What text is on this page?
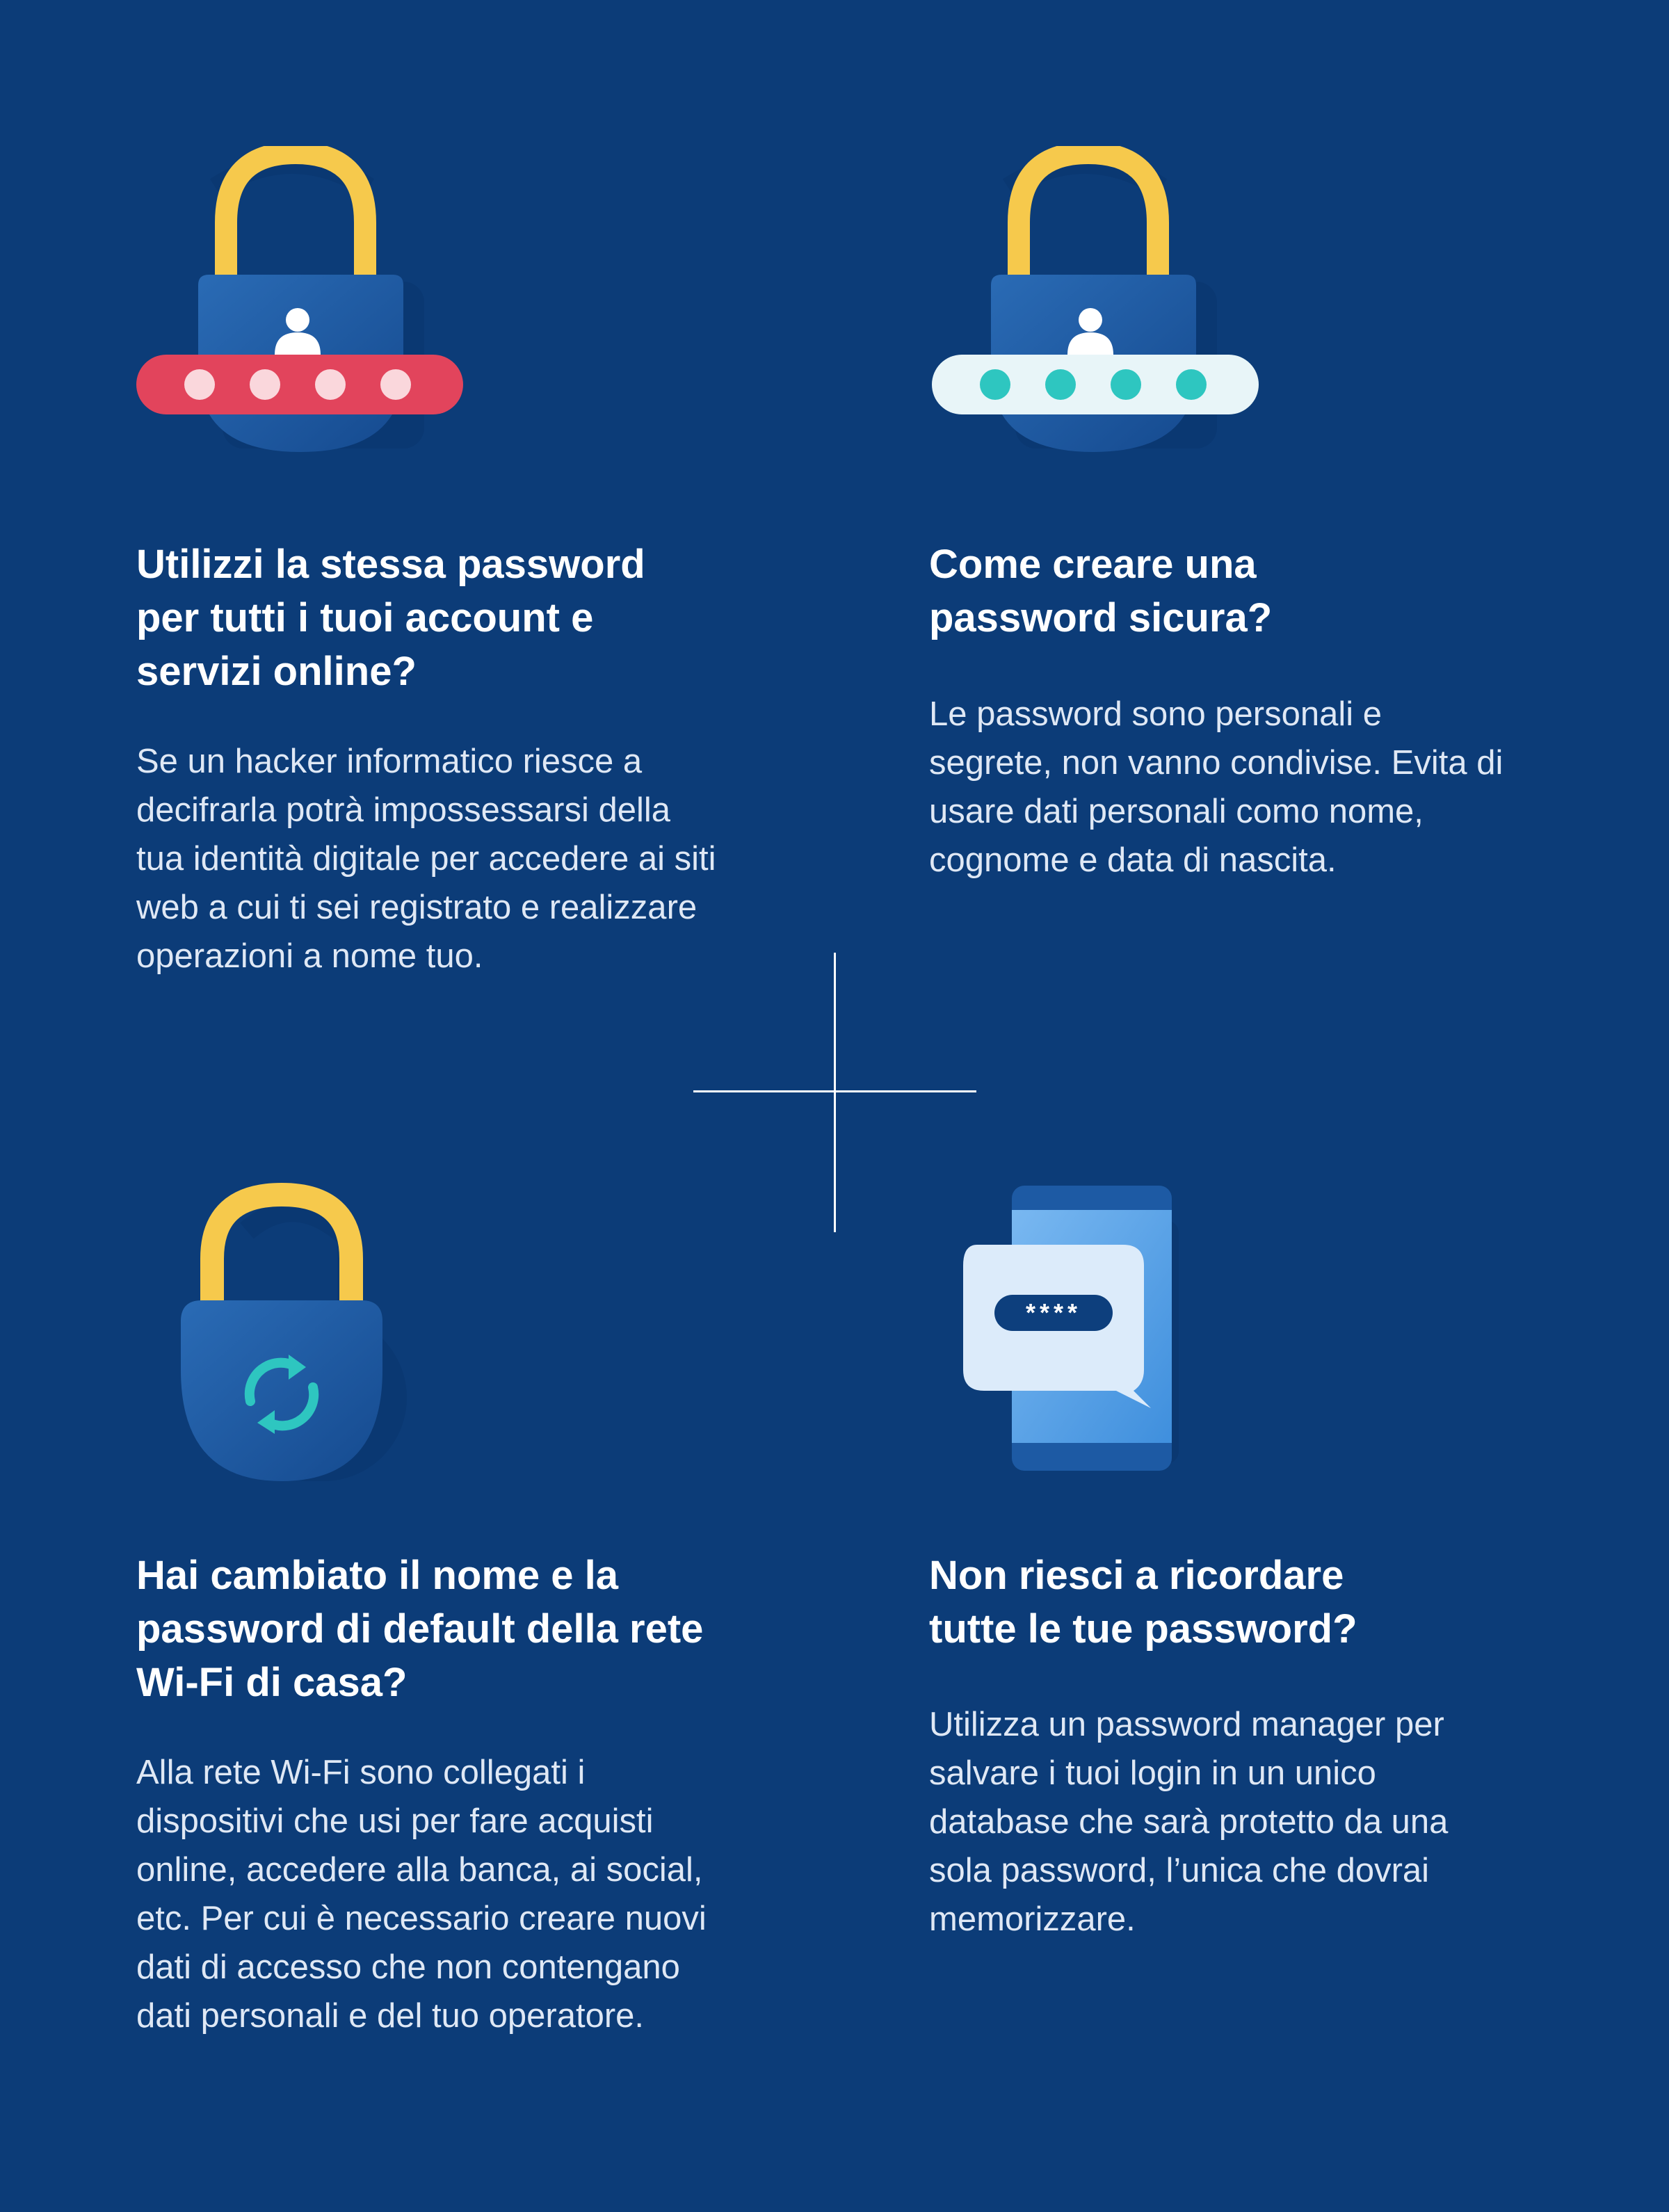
Utilizzi la stessa password
per tutti i tuoi account e
servizi online?

Se un hacker informatico riesce a
decifrarla potrà impossessarsi della
tua identità digitale per accedere ai siti
web a cui ti sei registrato e realizzare
operazioni a nome tuo.

Come creare una
password sicura?

Le password sono personali e
segrete, non vanno condivise. Evita di
usare dati personali como nome,
cognome e data di nascita.

Hai cambiato il nome e la
password di default della rete
Wi-Fi di casa?

Alla rete Wi-Fi sono collegati i
dispositivi che usi per fare acquisti
online, accedere alla banca, ai social,
etc. Per cui è necessario creare nuovi
dati di accesso che non contengano
dati personali e del tuo operatore.

****
Non riesci a ricordare
tutte le tue password?

Utilizza un password manager per
salvare i tuoi login in un unico
database che sarà protetto da una
sola password, l’unica che dovrai
memorizzare.
